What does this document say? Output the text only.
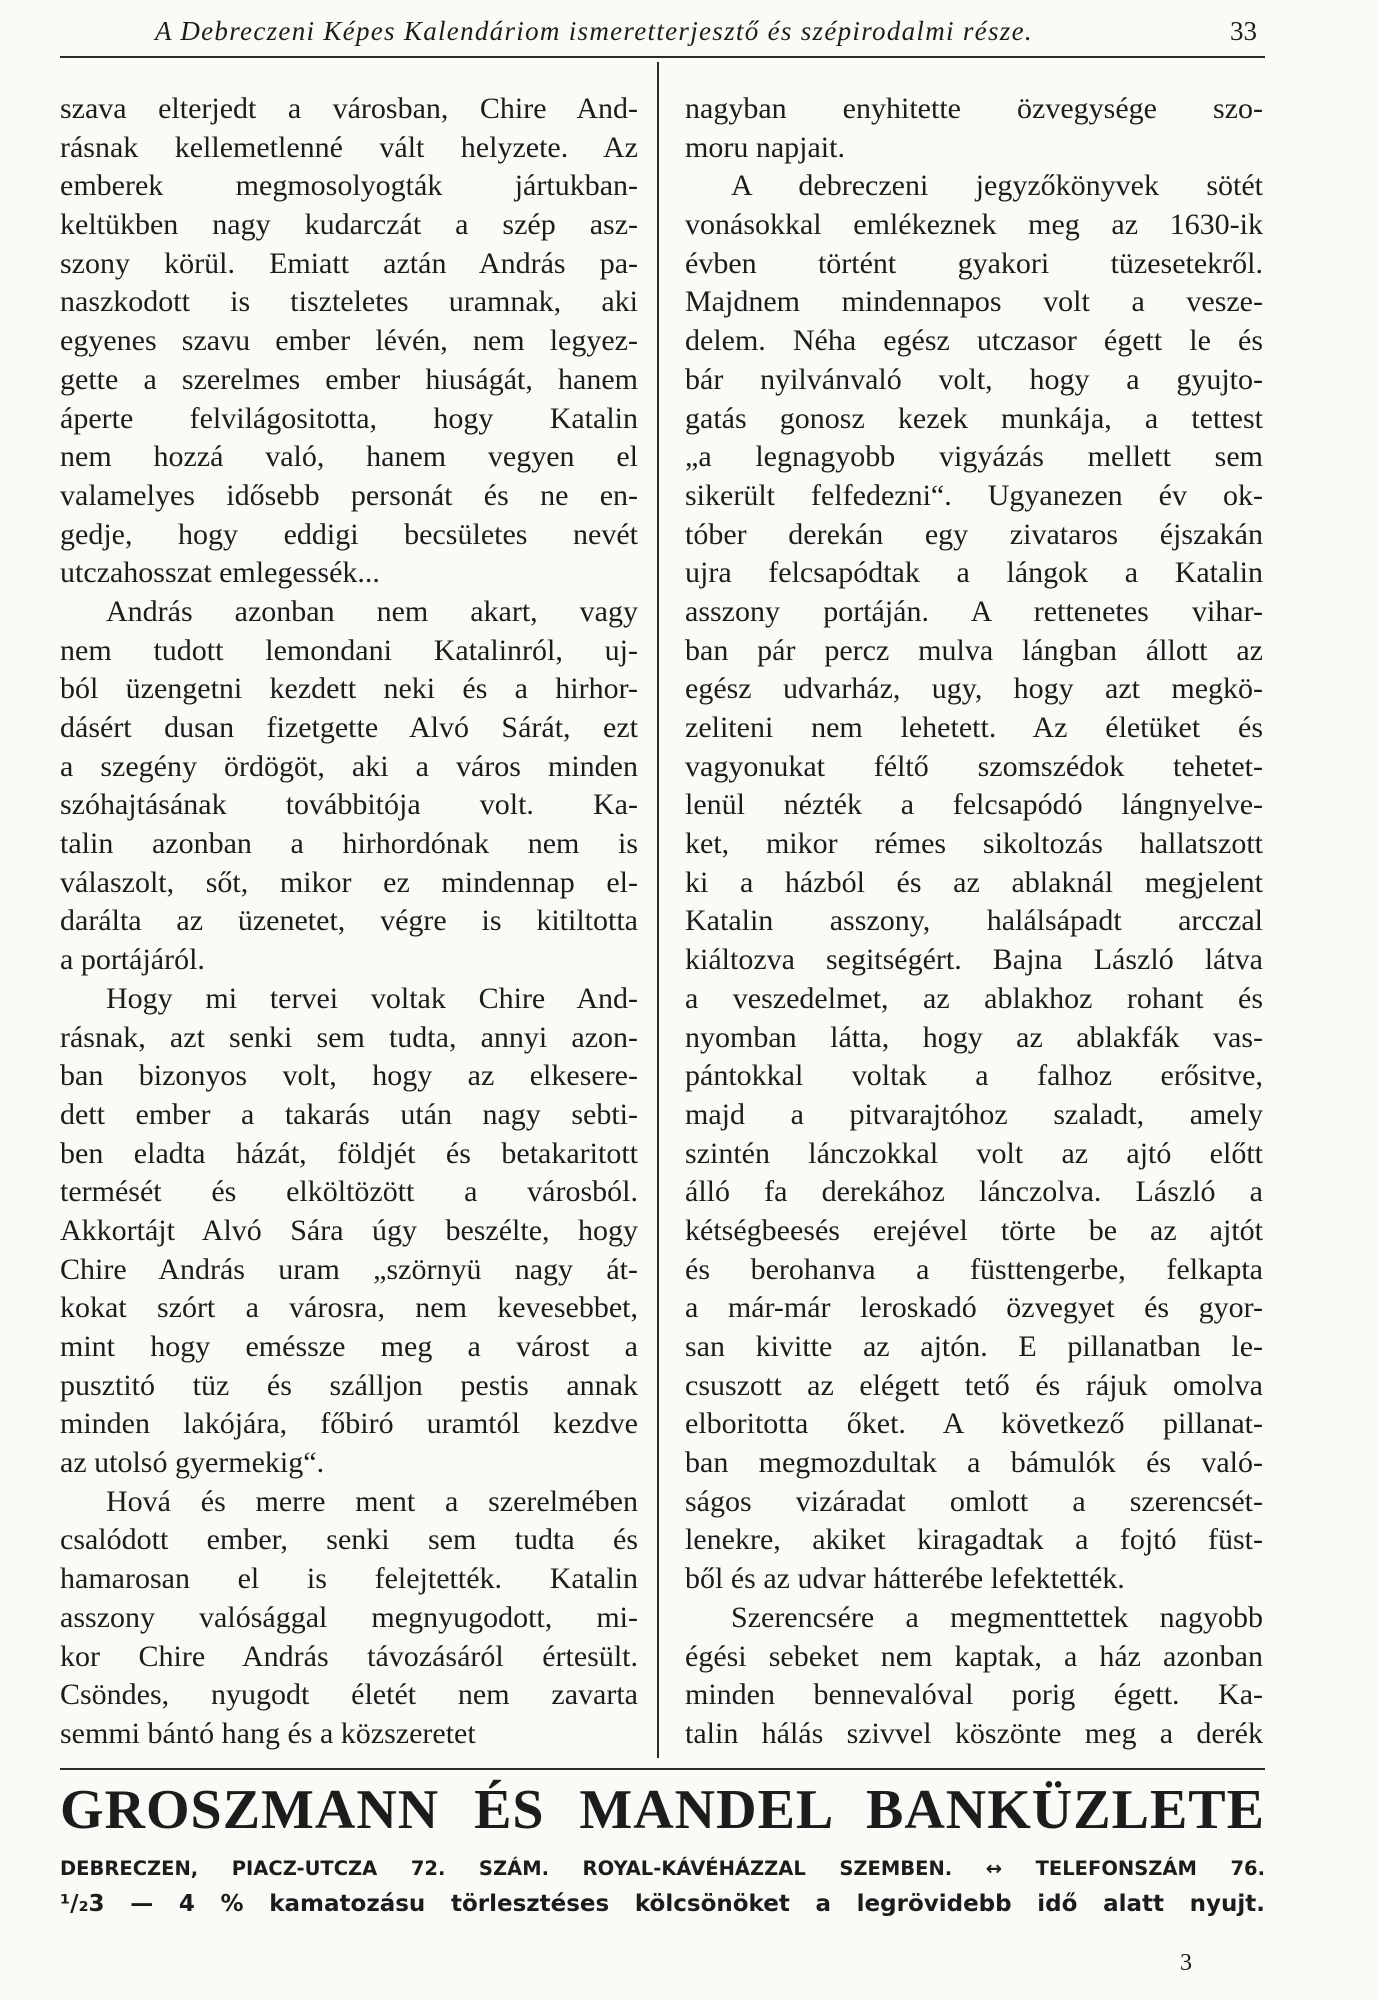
A Debreczeni Képes Kalendáriom ismeretterjesztő és szépirodalmi része.	33
szava elterjedt a városban, Chire And-
rásnak kellemetlenné vált helyzete. Az
emberek megmosolyogták jártukban-
keltükben nagy kudarczát a szép asz-
szony körül. Emiatt aztán András pa-
naszkodott is tiszteletes uramnak, aki
egyenes szavu ember lévén, nem legyez-
gette a szerelmes ember hiuságát, hanem
áperte felvilágositotta, hogy Katalin
nem hozzá való, hanem vegyen el
valamelyes idősebb personát és ne en-
gedje, hogy eddigi becsületes nevét
utczahosszat emlegessék...
András azonban nem akart, vagy
nem tudott lemondani Katalinról, uj-
ból üzengetni kezdett neki és a hirhor-
dásért dusan fizetgette Alvó Sárát, ezt
a szegény ördögöt, aki a város minden
szóhajtásának továbbitója volt. Ka-
talin azonban a hirhordónak nem is
válaszolt, sőt, mikor ez mindennap el-
darálta az üzenetet, végre is kitiltotta
a portájáról.
Hogy mi tervei voltak Chire And-
rásnak, azt senki sem tudta, annyi azon-
ban bizonyos volt, hogy az elkesere-
dett ember a takarás után nagy sebti-
ben eladta házát, földjét és betakaritott
termését és elköltözött a városból.
Akkortájt Alvó Sára úgy beszélte, hogy
Chire András uram „szörnyü nagy át-
kokat szórt a városra, nem kevesebbet,
mint hogy emésszе meg a várost a
pusztitó tüz és szálljon pestis annak
minden lakójára, főbiró uramtól kezdve
az utolsó gyermekig“.
Hová és merre ment a szerelmében
csalódott ember, senki sem tudta és
hamarosan el is felejtették. Katalin
asszony valósággal megnyugodott, mi-
kor Chire András távozásáról értesült.
Csöndes, nyugodt életét nem zavarta
semmi bántó hang és a közszeretet
nagyban enyhitette özvegysége szo-
moru napjait.
A debreczeni jegyzőkönyvek sötét
vonásokkal emlékeznek meg az 1630-ik
évben történt gyakori tüzesetekről.
Majdnem mindennapos volt a vesze-
delem. Néha egész utczasor égett le és
bár nyilvánvaló volt, hogy a gyujto-
gatás gonosz kezek munkája, a tettest
„a legnagyobb vigyázás mellett sem
sikerült felfedezni“. Ugyanezen év ok-
tóber derekán egy zivataros éjszakán
ujra felcsapódtak a lángok a Katalin
asszony portáján. A rettenetes vihar-
ban pár percz mulva lángban állott az
egész udvarház, ugy, hogy azt megkö-
zeliteni nem lehetett. Az életüket és
vagyonukat féltő szomszédok tehetet-
lenül nézték a felcsapódó lángnyelve-
ket, mikor rémes sikoltozás hallatszott
ki a házból és az ablaknál megjelent
Katalin asszony, halálsápadt arcczal
kiáltozva segitségért. Bajna László látva
a veszedelmet, az ablakhoz rohant és
nyomban látta, hogy az ablakfák vas-
pántokkal voltak a falhoz erősitve,
majd a pitvarajtóhoz szaladt, amely
szintén lánczokkal volt az ajtó előtt
álló fa derekához lánczolva. László a
kétségbeesés erejével törte be az ajtót
és berohanva a füsttengerbe, felkapta
a már-már leroskadó özvegyet és gyor-
san kivitte az ajtón. E pillanatban le-
csuszott az elégett tető és rájuk omolva
elboritotta őket. A következő pillanat-
ban megmozdultak a bámulók és való-
ságos vizáradat omlott a szerencsét-
lenekre, akiket kiragadtak a fojtó füst-
ből és az udvar hátterébe lefektették.
Szerencsére a megmenttettek nagyobb
égési sebeket nem kaptak, a ház azonban
minden bennevalóval porig égett. Ka-
talin hálás szivvel köszönte meg a derék
GROSZMANN ÉS MANDEL BANKÜZLETE
DEBRECZEN, PIACZ-UTCZA 72. SZÁM. ROYAL-KÁVÉHÁZZAL SZEMBEN. ↔ TELEFONSZÁM 76.
¹/₂3 — 4 % kamatozásu törlesztéses kölcsönöket a legrövidebb idő alatt nyujt.
3
